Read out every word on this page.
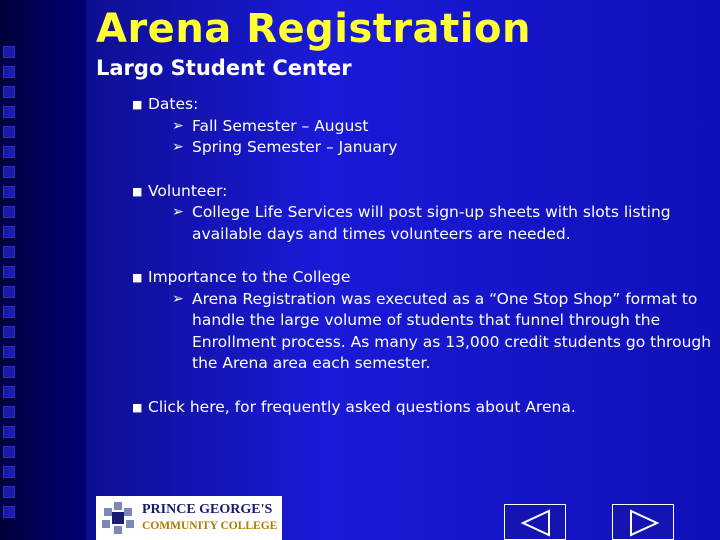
Arena Registration
Largo Student Center
■ Dates:
➢ Fall Semester – August
➢ Spring Semester – January
■ Volunteer:
➢ College Life Services will post sign-up sheets with slots listing available days and times volunteers are needed.
■ Importance to the College
➢ Arena Registration was executed as a “One Stop Shop” format to handle the large volume of students that funnel through the Enrollment process. As many as 13,000 credit students go through the Arena area each semester.
■ Click here, for frequently asked questions about Arena.
PRINCE GEORGE'S
COMMUNITY COLLEGE
